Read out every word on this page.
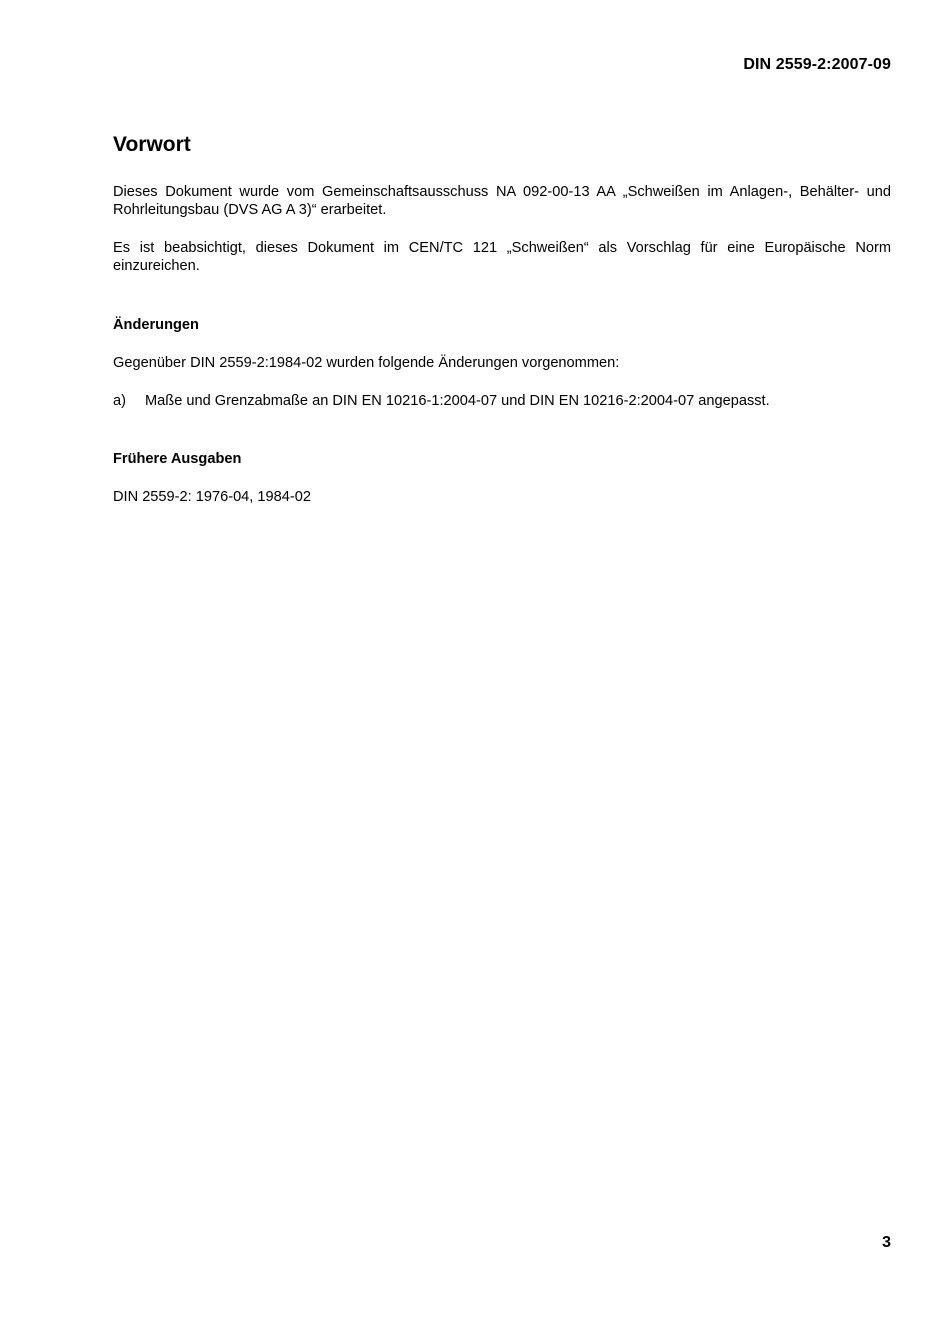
DIN 2559-2:2007-09
Vorwort

Dieses Dokument wurde vom Gemeinschaftsausschuss NA 092-00-13 AA „Schweißen im Anlagen-, Behälter- und Rohrleitungsbau (DVS AG A 3)“ erarbeitet.

Es ist beabsichtigt, dieses Dokument im CEN/TC 121 „Schweißen“ als Vorschlag für eine Europäische Norm einzureichen.

Änderungen

Gegenüber DIN 2559-2:1984-02 wurden folgende Änderungen vorgenommen:

a)	Maße und Grenzabmaße an DIN EN 10216-1:2004-07 und DIN EN 10216-2:2004-07 angepasst.
Frühere Ausgaben

DIN 2559-2: 1976-04, 1984-02

3
